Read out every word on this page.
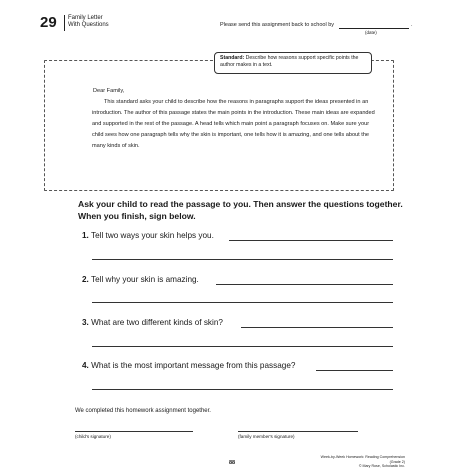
29 Family Letter
With Questions	Please send this assignment back to school by	.
(date)
Standard: Describe how reasons support specific points the author makes in a text.
Dear Family,
This standard asks your child to describe how the reasons in paragraphs support the ideas presented in an introduction. The author of this passage states the main points in the introduction. These main ideas are expanded and supported in the rest of the passage. A head tells which main point a paragraph focuses on. Make sure your child sees how one paragraph tells why the skin is important, one tells how it is amazing, and one tells about the many kinds of skin.
Ask your child to read the passage to you. Then answer the questions together. When you finish, sign below.
1. Tell two ways your skin helps you.
2. Tell why your skin is amazing.
3. What are two different kinds of skin?
4. What is the most important message from this passage?
We completed this homework assignment together.
(child's signature)	(family member's signature)
88
Week-by-Week Homework: Reading Comprehension (Grade 2)
© Mary Rose, Scholastic Inc.
